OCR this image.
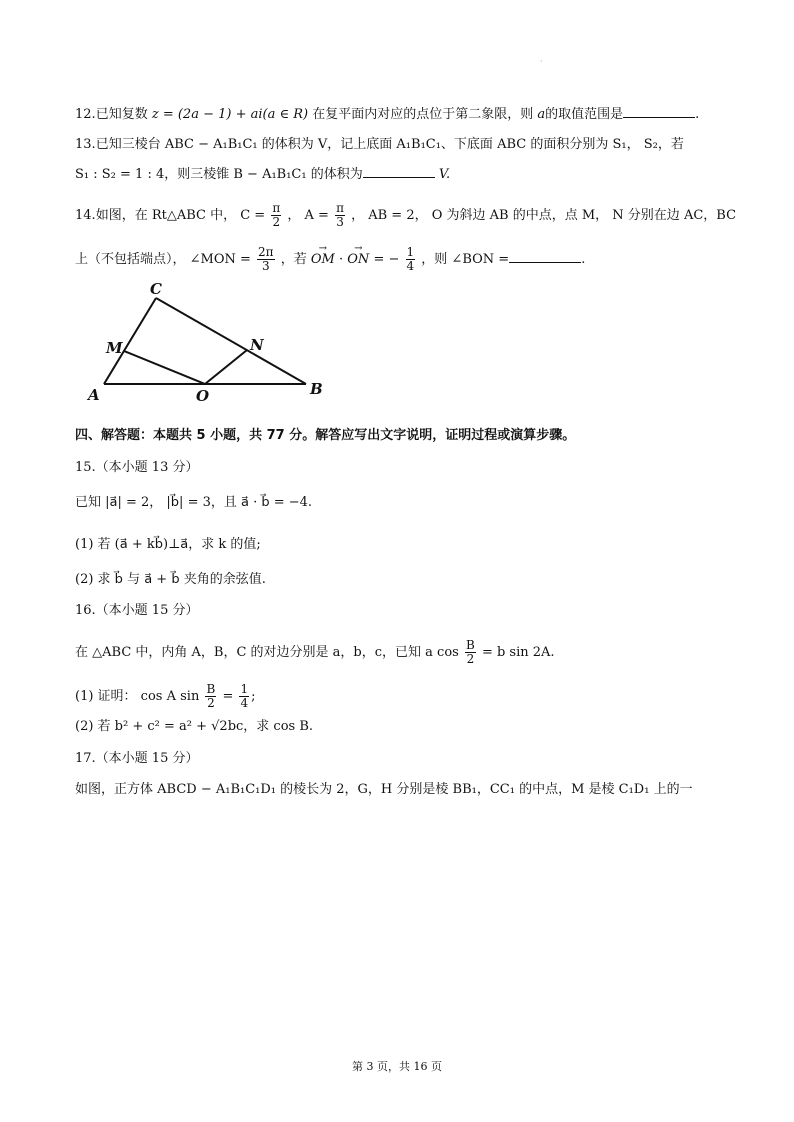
·
12.已知复数 z = (2a − 1) + ai(a ∈ R) 在复平面内对应的点位于第二象限，则 a的取值范围是	.
13.已知三棱台 ABC − A₁B₁C₁ 的体积为 V，记上底面 A₁B₁C₁、下底面 ABC 的面积分别为 S₁， S₂，若
S₁ : S₂ = 1 : 4，则三棱锥 B − A₁B₁C₁ 的体积为	V.
14.如图，在 Rt△ABC 中， $C = \frac{\pi}{2}$ ， $A = \frac{\pi}{3}$ ， AB = 2， O 为斜边 AB 的中点，点 M， N 分别在边 AC，BC
上（不包括端点）， ∠MON = $\frac{2\pi}{3}$ ，若 → OM · → ON = − $\frac{1}{4}$ ，则 ∠BON =	.
A	B
C
M	N
O
四、解答题：本题共 5 小题，共 77 分。解答应写出文字说明，证明过程或演算步骤。
15.（本小题 13 分）
已知 |a⃗| = 2， |b⃗| = 3，且 a⃗ · b⃗ = −4.
(1) 若 (a⃗ + kb⃗)⊥a⃗，求 k 的值;
(2) 求 b⃗ 与 a⃗ + b⃗ 夹角的余弦值.
16.（本小题 15 分）
在 △ABC 中，内角 A，B，C 的对边分别是 a，b，c，已知 a $\cos \frac{B}{2} = b$ sin 2A.
(1) 证明： cos A $\sin \frac{B}{2} = \frac{1}{4}$ ;
(2) 若 b² + c² = a² + √2bc，求 cos B.
17.（本小题 15 分）
如图，正方体 ABCD − A₁B₁C₁D₁ 的棱长为 2，G，H 分别是棱 BB₁，CC₁ 的中点，M 是棱 C₁D₁ 上的一
第 3 页，共 16 页
